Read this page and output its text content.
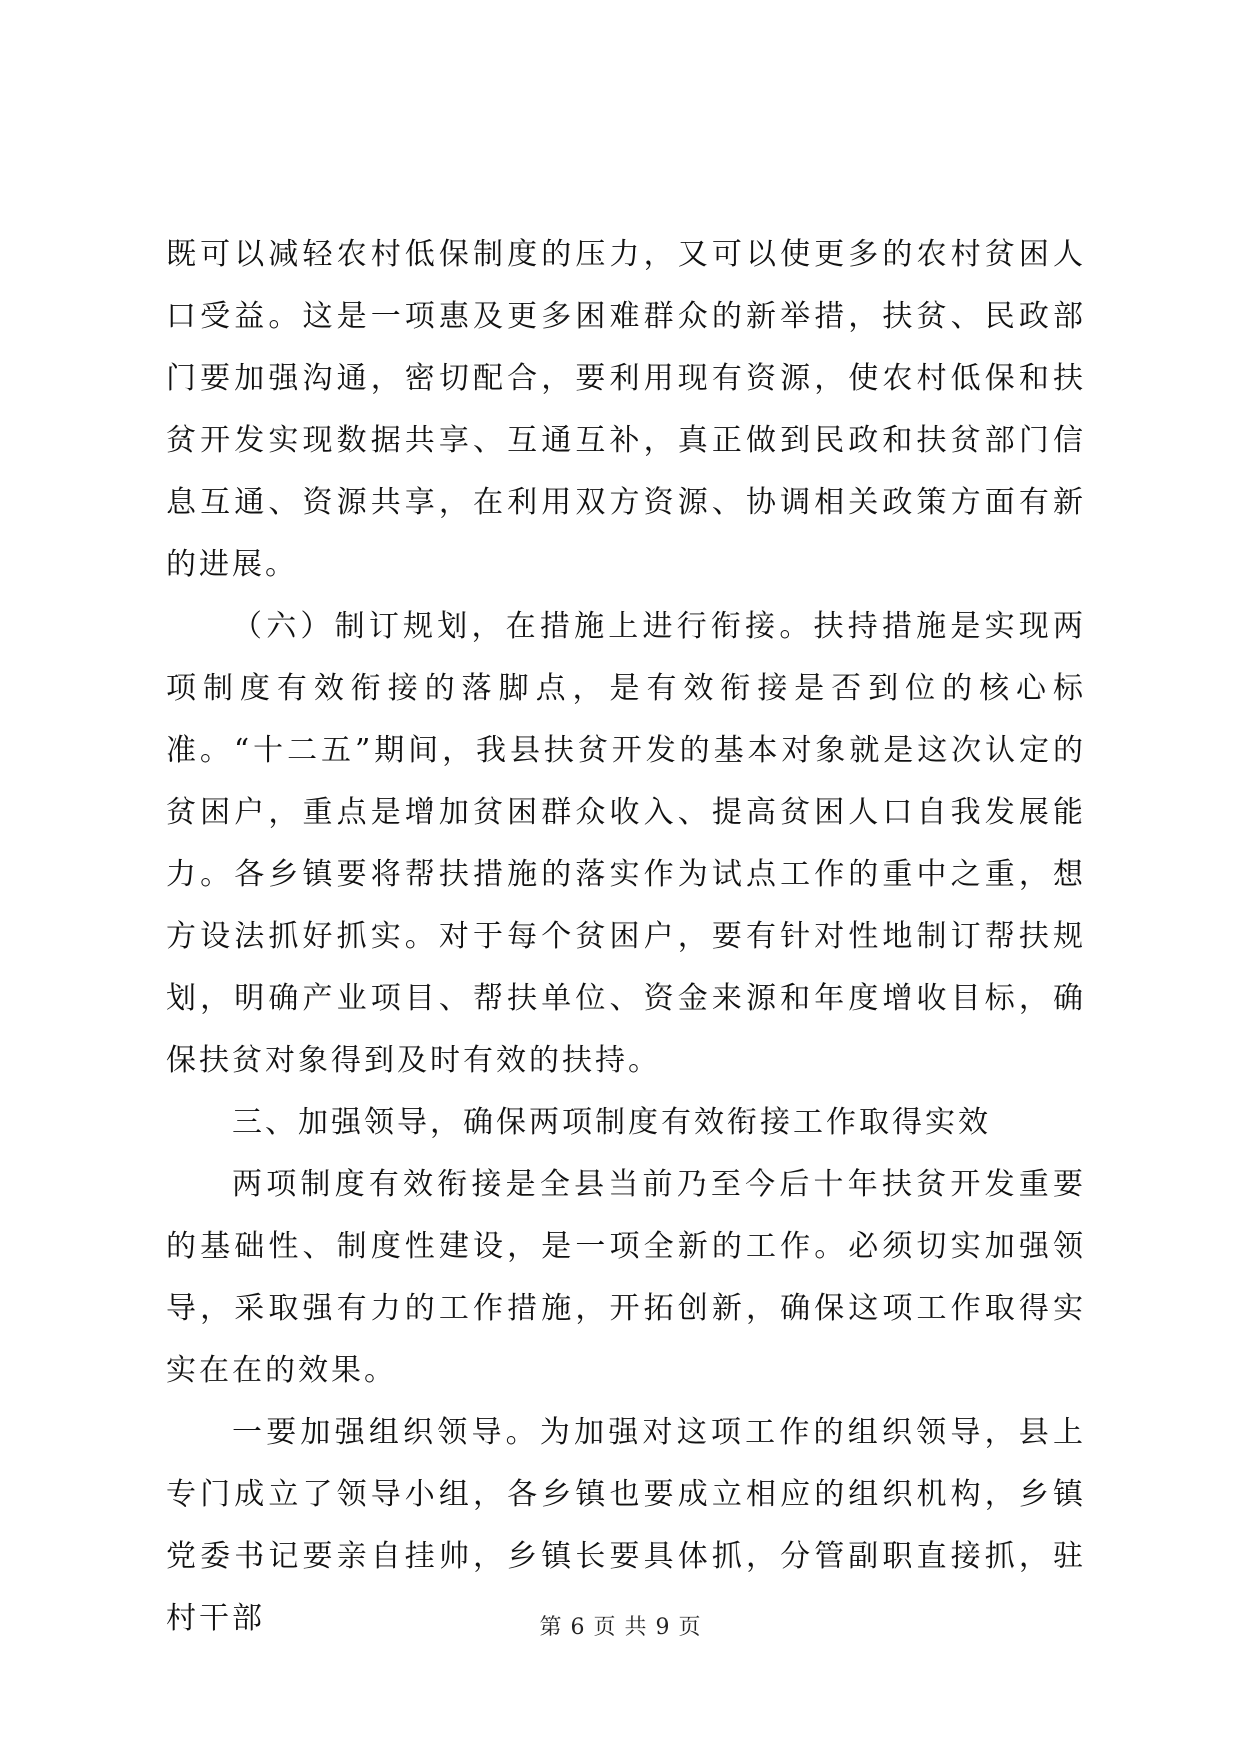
既可以减轻农村低保制度的压力，又可以使更多的农村贫困人口受益。这是一项惠及更多困难群众的新举措，扶贫、民政部门要加强沟通，密切配合，要利用现有资源，使农村低保和扶贫开发实现数据共享、互通互补，真正做到民政和扶贫部门信息互通、资源共享，在利用双方资源、协调相关政策方面有新的进展。

（六）制订规划，在措施上进行衔接。扶持措施是实现两项制度有效衔接的落脚点，是有效衔接是否到位的核心标准。“十二五”期间，我县扶贫开发的基本对象就是这次认定的贫困户，重点是增加贫困群众收入、提高贫困人口自我发展能力。各乡镇要将帮扶措施的落实作为试点工作的重中之重，想方设法抓好抓实。对于每个贫困户，要有针对性地制订帮扶规划，明确产业项目、帮扶单位、资金来源和年度增收目标，确保扶贫对象得到及时有效的扶持。

三、加强领导，确保两项制度有效衔接工作取得实效

两项制度有效衔接是全县当前乃至今后十年扶贫开发重要的基础性、制度性建设，是一项全新的工作。必须切实加强领导，采取强有力的工作措施，开拓创新，确保这项工作取得实实在在的效果。

一要加强组织领导。为加强对这项工作的组织领导，县上专门成立了领导小组，各乡镇也要成立相应的组织机构，乡镇党委书记要亲自挂帅，乡镇长要具体抓，分管副职直接抓，驻村干部	第 6 页 共 9 页
